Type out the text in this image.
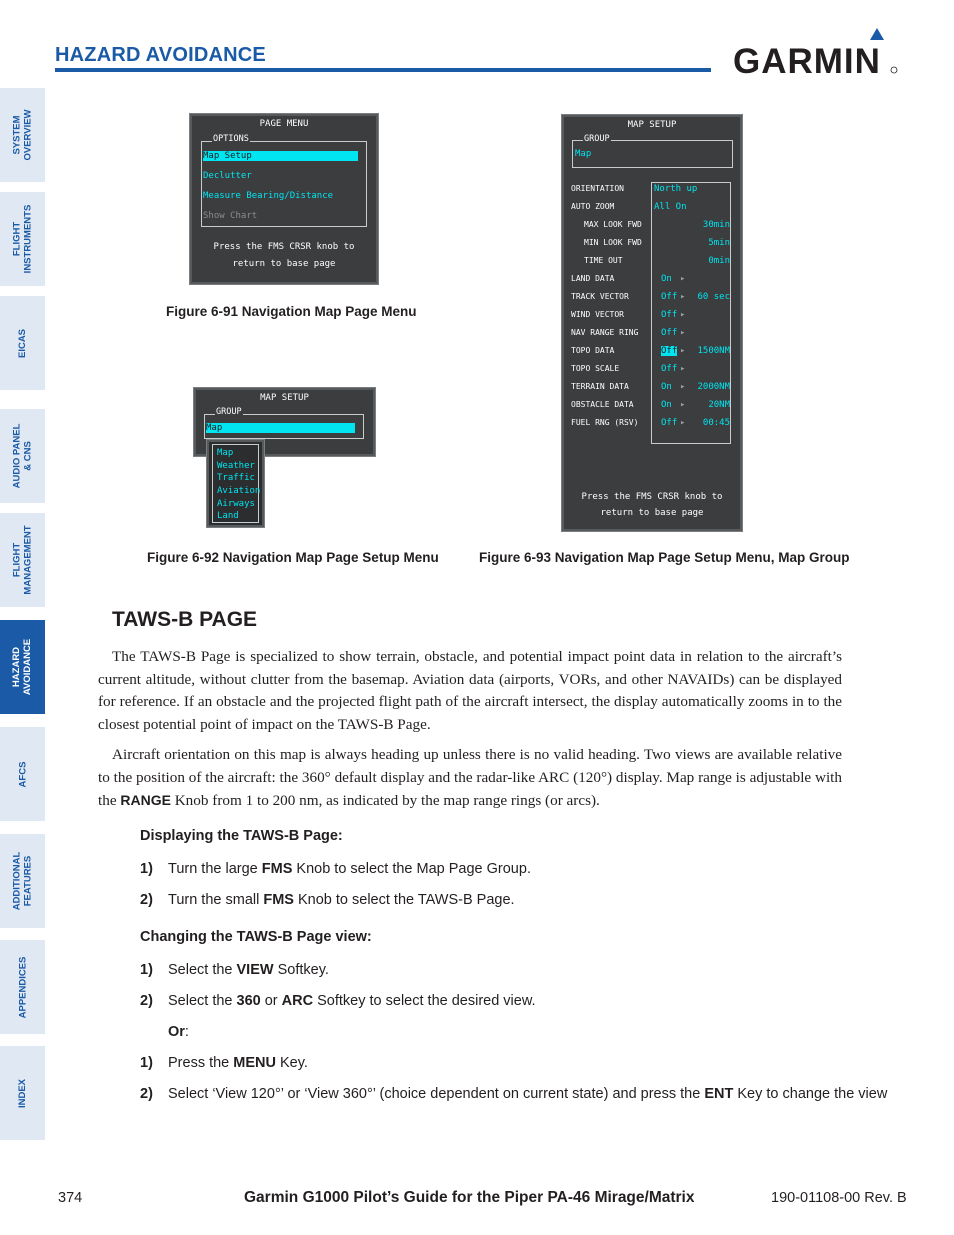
HAZARD AVOIDANCE	GARMIN
SYSTEM
OVERVIEW
FLIGHT
INSTRUMENTS
EICAS
AUDIO PANEL
& CNS
FLIGHT
MANAGEMENT
HAZARD
AVOIDANCE
AFCS
ADDITIONAL
FEATURES
APPENDICES
INDEX
PAGE MENU
OPTIONS
Map Setup
Declutter
Measure Bearing/Distance
Show Chart
Press the FMS CRSR knob to
return to base page
Figure 6-91 Navigation Map Page Menu
MAP SETUP
GROUP
Map
Map
Weather
Traffic
Aviation
Airways
Land
Figure 6-92 Navigation Map Page Setup Menu
MAP SETUP
GROUP
Map
ORIENTATION	North up
AUTO ZOOM	All On
MAX LOOK FWD	30min
MIN LOOK FWD	5min
TIME OUT	0min
LAND DATA	On ▸
TRACK VECTOR	Off ▸ 60 sec
WIND VECTOR	Off ▸
NAV RANGE RING	Off ▸
TOPO DATA	Off ▸ 1500NM
TOPO SCALE	Off ▸
TERRAIN DATA	On ▸ 2000NM
OBSTACLE DATA	On ▸	20NM
FUEL RNG (RSV)	Off ▸ 00:45
Press the FMS CRSR knob to
return to base page
Figure 6-93 Navigation Map Page Setup Menu, Map Group
TAWS-B PAGE

The TAWS-B Page is specialized to show terrain, obstacle, and potential impact point data in relation to the aircraft’s current altitude, without clutter from the basemap. Aviation data (airports, VORs, and other NAVAIDs) can be displayed for reference. If an obstacle and the projected flight path of the aircraft intersect, the display automatically zooms in to the closest potential point of impact on the TAWS-B Page.

Aircraft orientation on this map is always heading up unless there is no valid heading. Two views are available relative to the position of the aircraft: the 360° default display and the radar-like ARC (120°) display. Map range is adjustable with the RANGE Knob from 1 to 200 nm, as indicated by the map range rings (or arcs).

Displaying the TAWS-B Page:
1) Turn the large FMS Knob to select the Map Page Group.
2) Turn the small FMS Knob to select the TAWS-B Page.
Changing the TAWS-B Page view:
1) Select the VIEW Softkey.
2) Select the 360 or ARC Softkey to select the desired view.
Or:
1) Press the MENU Key.
2) Select ‘View 120°’ or ‘View 360°’ (choice dependent on current state) and press the ENT Key to change the view
374	Garmin G1000 Pilot’s Guide for the Piper PA-46 Mirage/Matrix	190-01108-00 Rev. B
